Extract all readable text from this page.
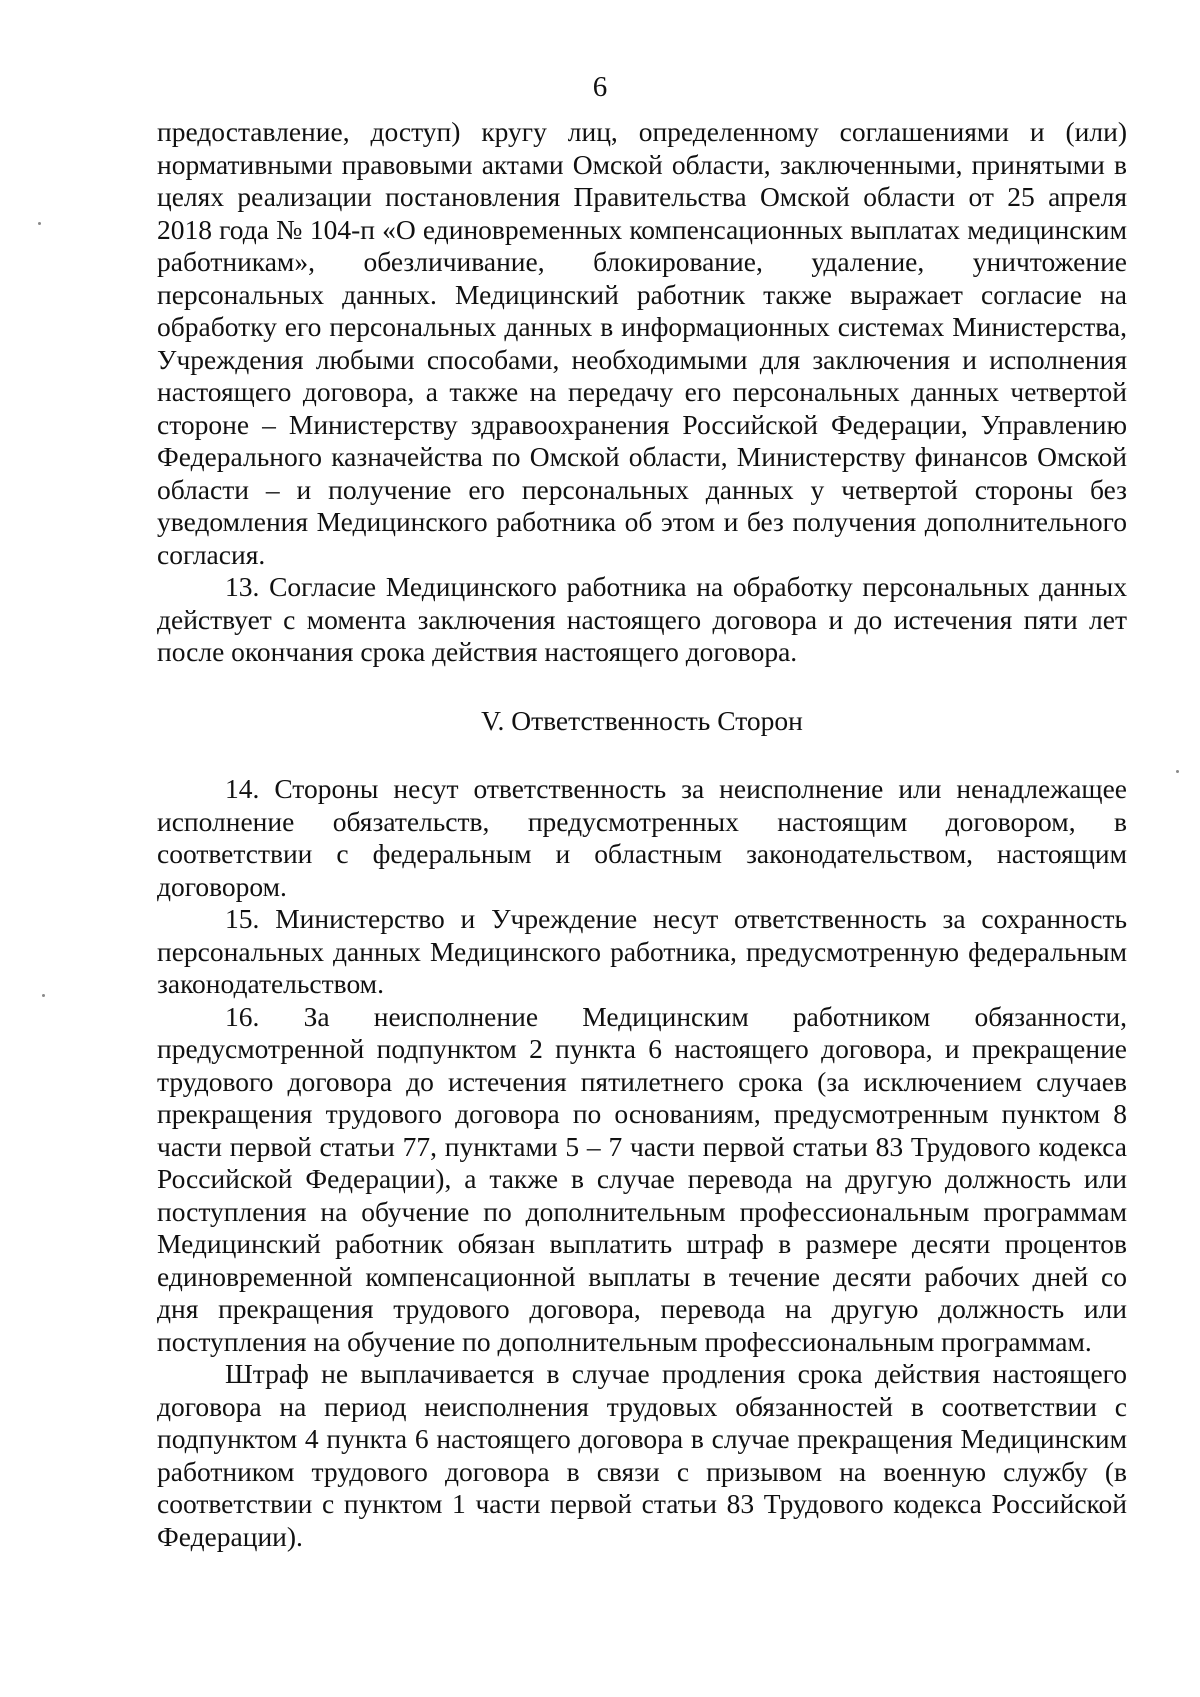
6

предоставление, доступ) кругу лиц, определенному соглашениями и (или) нормативными правовыми актами Омской области, заключенными, принятыми в целях реализации постановления Правительства Омской области от 25 апреля 2018 года № 104-п «О единовременных компенсационных выплатах медицинским работникам», обезличивание, блокирование, удаление, уничтожение персональных данных. Медицинский работник также выражает согласие на обработку его персональных данных в информационных системах Министерства, Учреждения любыми способами, необходимыми для заключения и исполнения настоящего договора, а также на передачу его персональных данных четвертой стороне – Министерству здравоохранения Российской Федерации, Управлению Федерального казначейства по Омской области, Министерству финансов Омской области – и получение его персональных данных у четвертой стороны без уведомления Медицинского работника об этом и без получения дополнительного согласия.

13. Согласие Медицинского работника на обработку персональных данных действует с момента заключения настоящего договора и до истечения пяти лет после окончания срока действия настоящего договора.

V. Ответственность Сторон

14. Стороны несут ответственность за неисполнение или ненадлежащее исполнение обязательств, предусмотренных настоящим договором, в соответствии с федеральным и областным законодательством, настоящим договором.

15. Министерство и Учреждение несут ответственность за сохранность персональных данных Медицинского работника, предусмотренную федеральным законодательством.

16. За неисполнение Медицинским работником обязанности, предусмотренной подпунктом 2 пункта 6 настоящего договора, и прекращение трудового договора до истечения пятилетнего срока (за исключением случаев прекращения трудового договора по основаниям, предусмотренным пунктом 8 части первой статьи 77, пунктами 5 – 7 части первой статьи 83 Трудового кодекса Российской Федерации), а также в случае перевода на другую должность или поступления на обучение по дополнительным профессиональным программам Медицинский работник обязан выплатить штраф в размере десяти процентов единовременной компенсационной выплаты в течение десяти рабочих дней со дня прекращения трудового договора, перевода на другую должность или поступления на обучение по дополнительным профессиональным программам.

Штраф не выплачивается в случае продления срока действия настоящего договора на период неисполнения трудовых обязанностей в соответствии с подпунктом 4 пункта 6 настоящего договора в случае прекращения Медицинским работником трудового договора в связи с призывом на военную службу (в соответствии с пунктом 1 части первой статьи 83 Трудового кодекса Российской Федерации).
